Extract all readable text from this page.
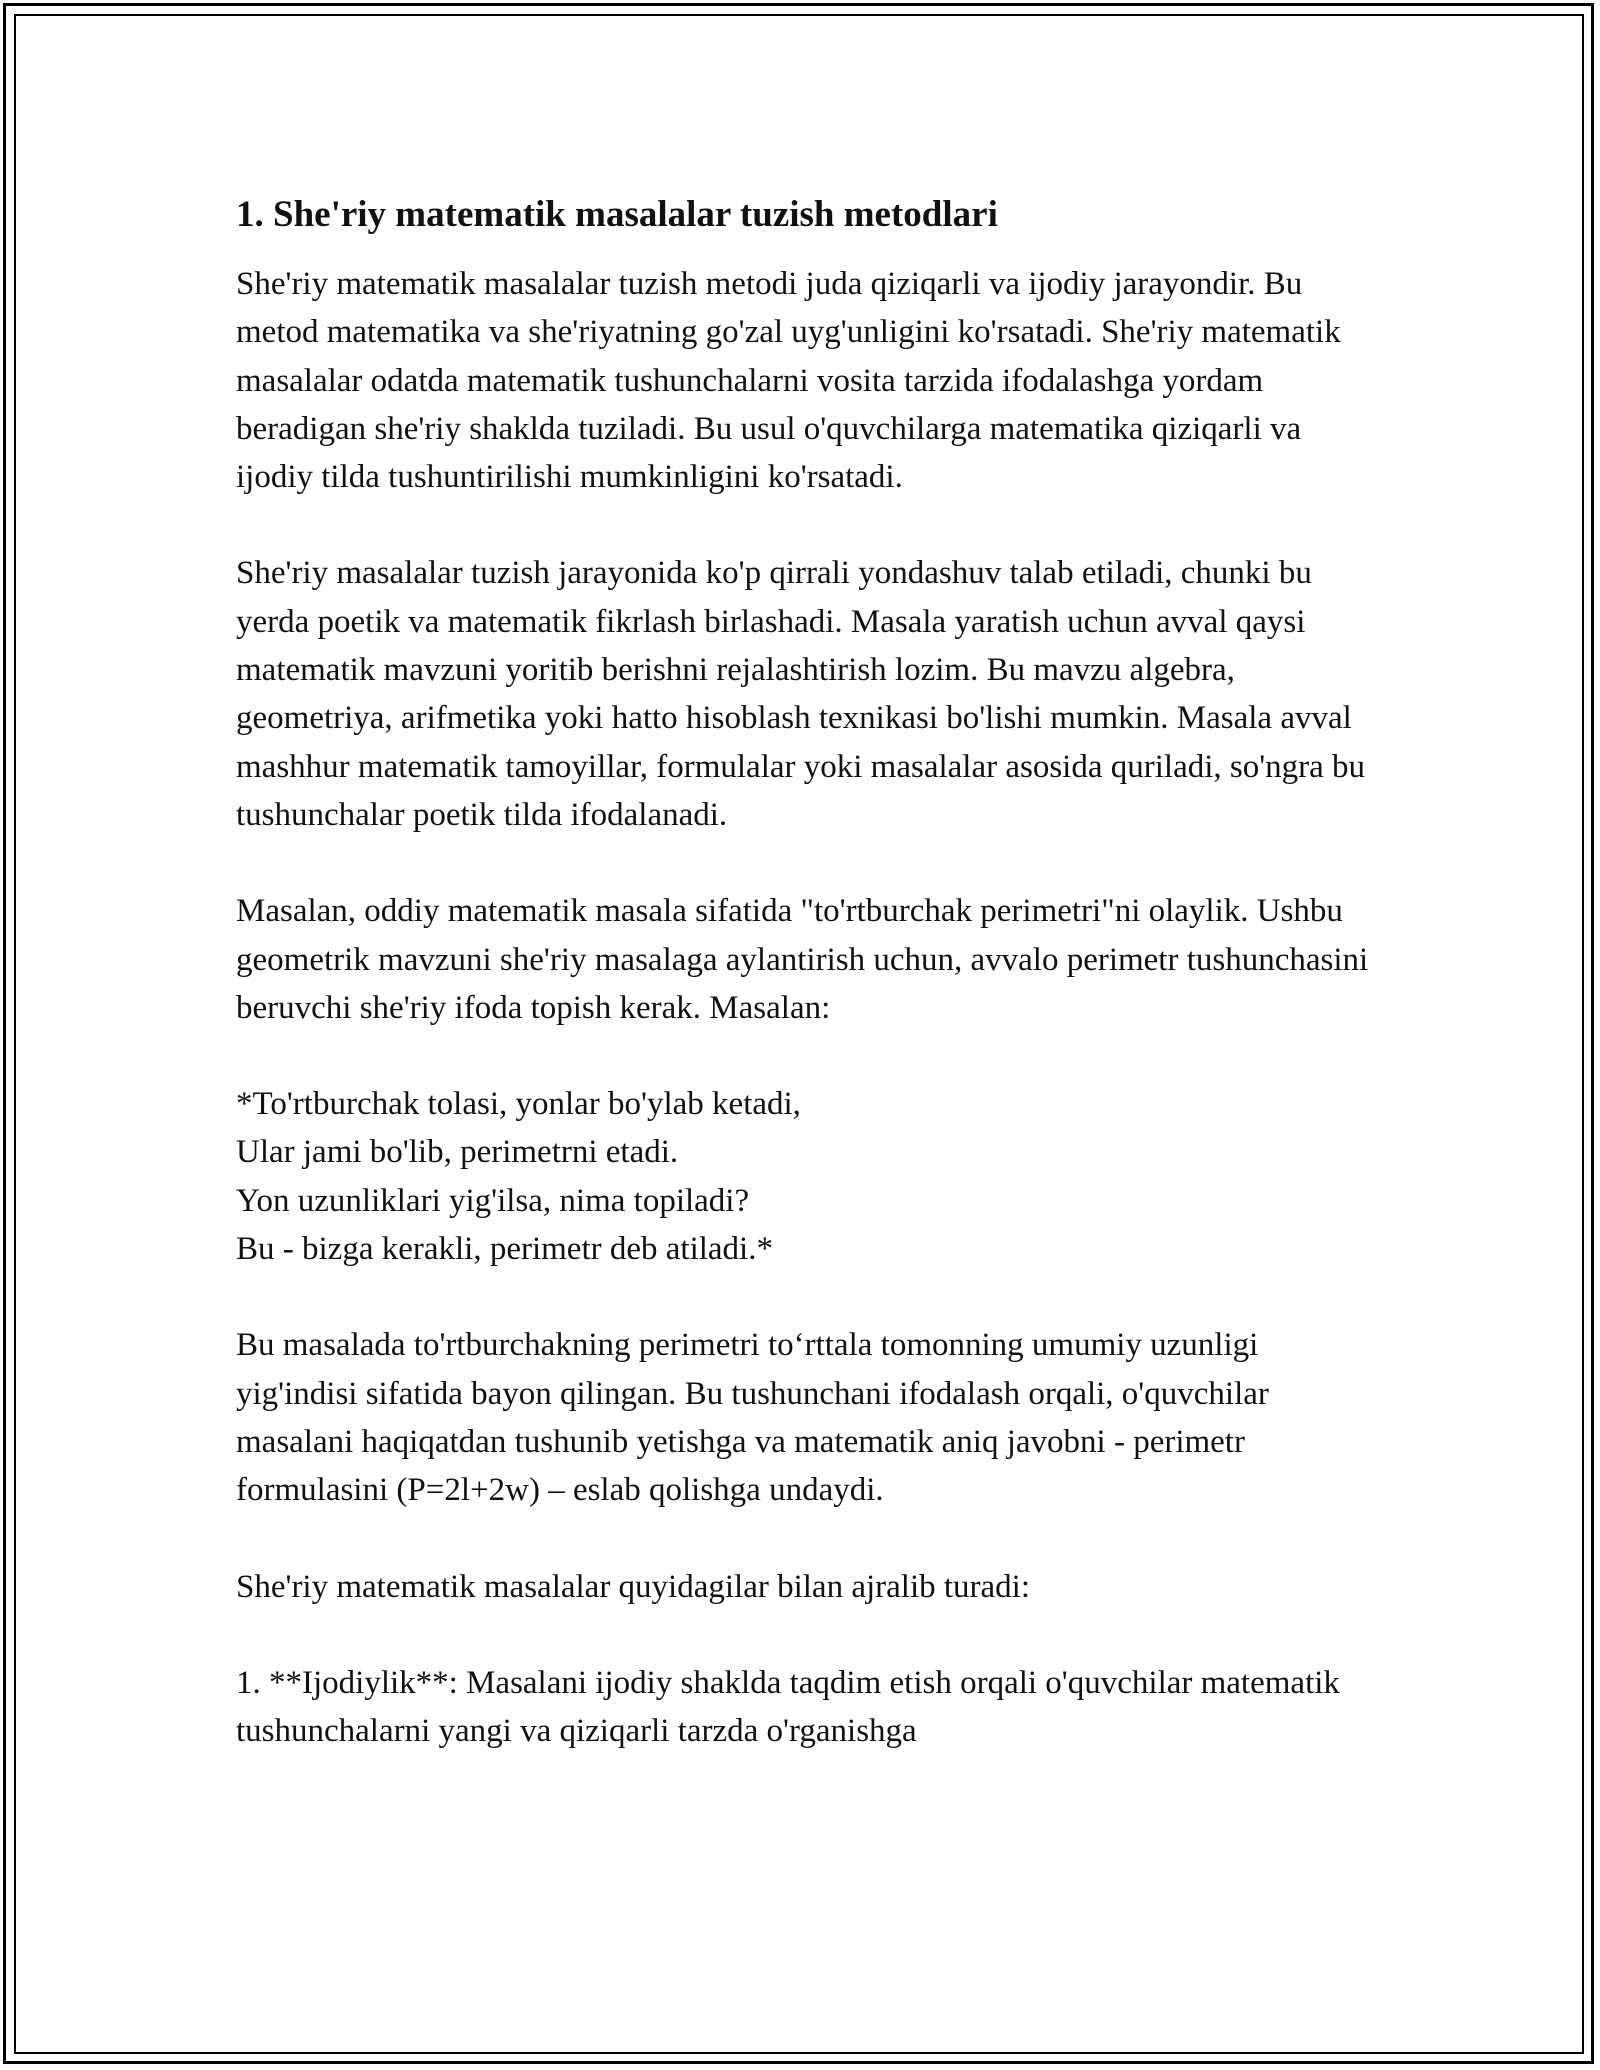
1. She'riy matematik masalalar tuzish metodlari

She'riy matematik masalalar tuzish metodi juda qiziqarli va ijodiy jarayondir. Bu metod matematika va she'riyatning go'zal uyg'unligini ko'rsatadi. She'riy matematik masalalar odatda matematik tushunchalarni vosita tarzida ifodalashga yordam beradigan she'riy shaklda tuziladi. Bu usul o'quvchilarga matematika qiziqarli va ijodiy tilda tushuntirilishi mumkinligini ko'rsatadi.

She'riy masalalar tuzish jarayonida ko'p qirrali yondashuv talab etiladi, chunki bu yerda poetik va matematik fikrlash birlashadi. Masala yaratish uchun avval qaysi matematik mavzuni yoritib berishni rejalashtirish lozim. Bu mavzu algebra, geometriya, arifmetika yoki hatto hisoblash texnikasi bo'lishi mumkin. Masala avval mashhur matematik tamoyillar, formulalar yoki masalalar asosida quriladi, so'ngra bu tushunchalar poetik tilda ifodalanadi.

Masalan, oddiy matematik masala sifatida "to'rtburchak perimetri"ni olaylik. Ushbu geometrik mavzuni she'riy masalaga aylantirish uchun, avvalo perimetr tushunchasini beruvchi she'riy ifoda topish kerak. Masalan:

*To'rtburchak tolasi, yonlar bo'ylab ketadi,
Ular jami bo'lib, perimetrni etadi.
Yon uzunliklari yig'ilsa, nima topiladi?
Bu - bizga kerakli, perimetr deb atiladi.*

Bu masalada to'rtburchakning perimetri to‘rttala tomonning umumiy uzunligi yig'indisi sifatida bayon qilingan. Bu tushunchani ifodalash orqali, o'quvchilar masalani haqiqatdan tushunib yetishga va matematik aniq javobni - perimetr formulasini (P=2l+2w) – eslab qolishga undaydi.

She'riy matematik masalalar quyidagilar bilan ajralib turadi:

1. **Ijodiylik**: Masalani ijodiy shaklda taqdim etish orqali o'quvchilar matematik tushunchalarni yangi va qiziqarli tarzda o'rganishga
